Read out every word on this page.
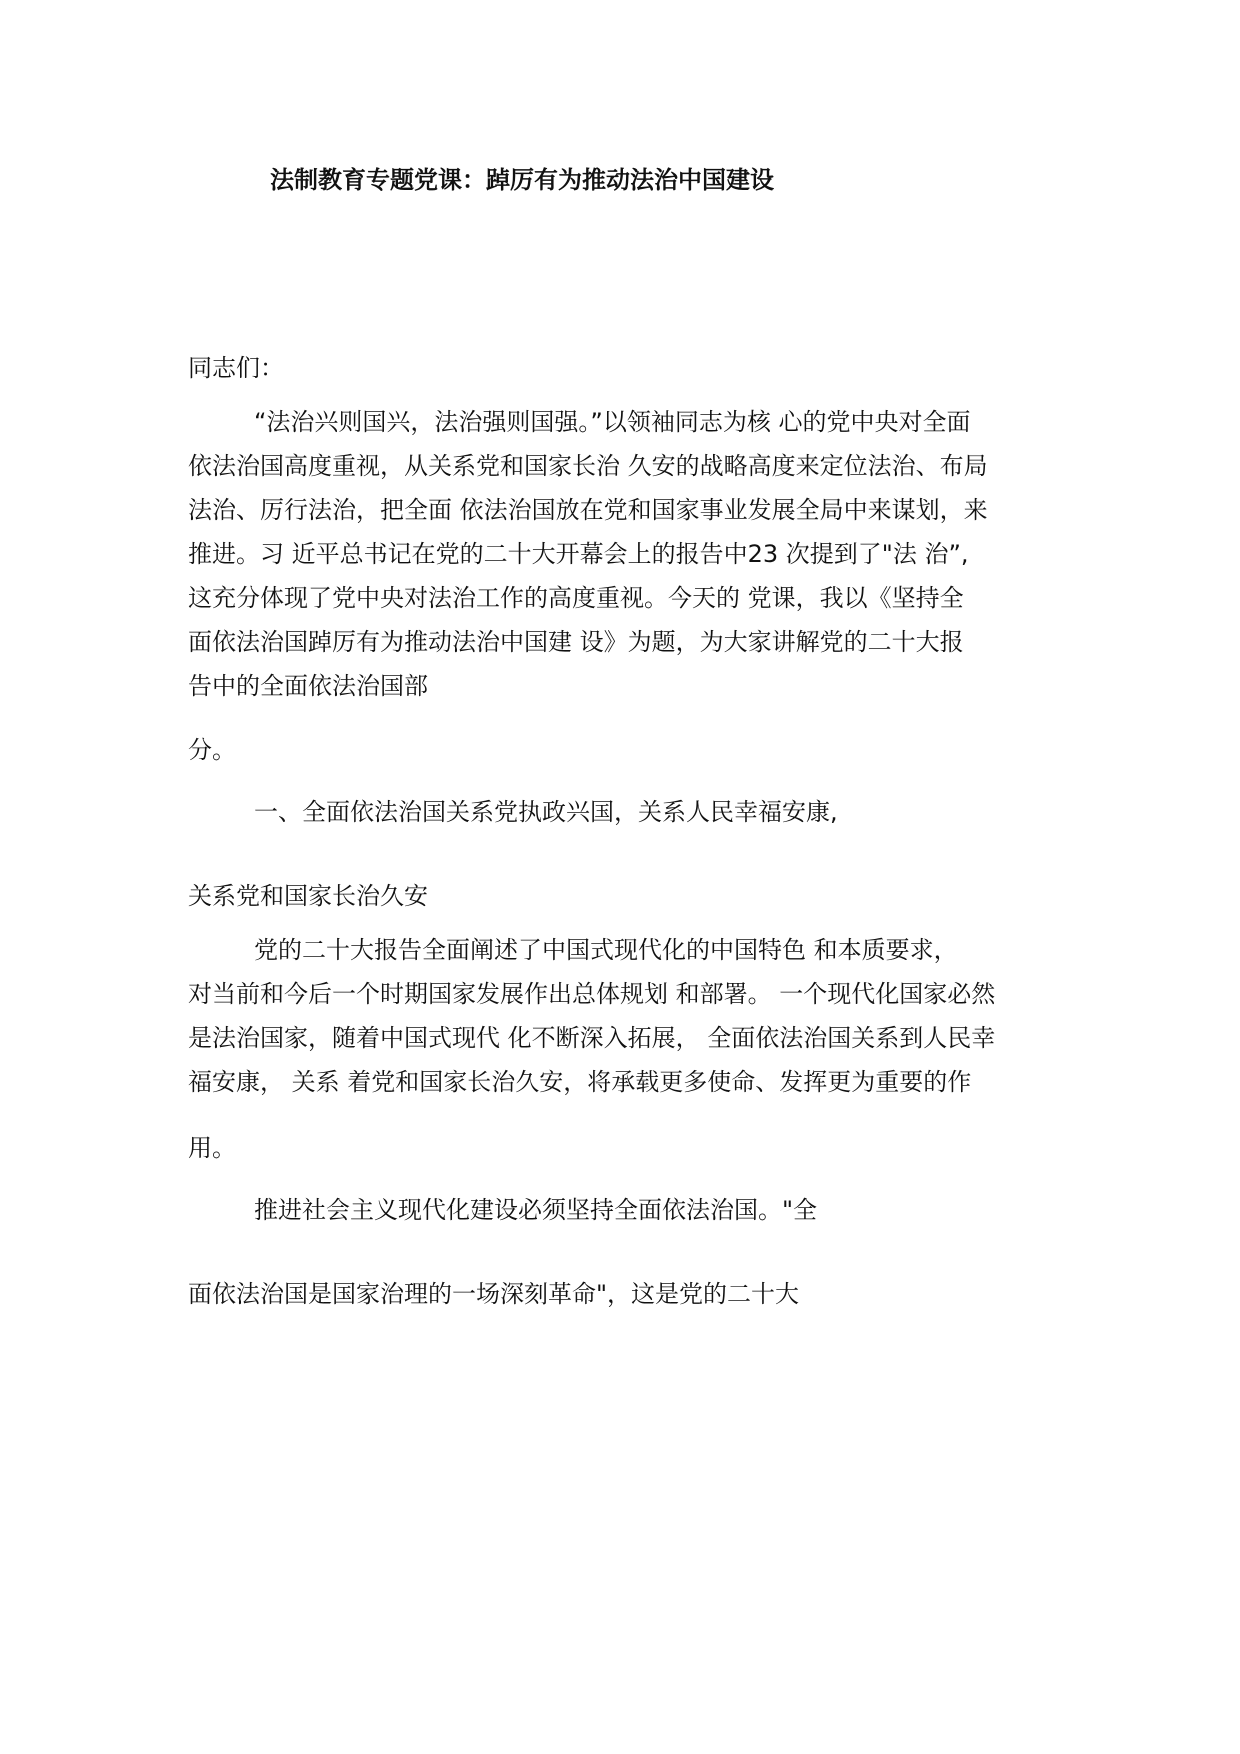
法制教育专题党课：踔厉有为推动法治中国建设
同志们：
“法治兴则国兴，法治强则国强。”以领袖同志为核 心的党中央对全面
依法治国高度重视，从关系党和国家长治 久安的战略高度来定位法治、布局
法治、厉行法治，把全面 依法治国放在党和国家事业发展全局中来谋划，来
推进。习 近平总书记在党的二十大开幕会上的报告中23 次提到了"法 治”,
这充分体现了党中央对法治工作的高度重视。今天的 党课，我以《坚持全
面依法治国踔厉有为推动法治中国建 设》为题，为大家讲解党的二十大报
告中的全面依法治国部
分。
一、全面依法治国关系党执政兴国，关系人民幸福安康,
关系党和国家长治久安
党的二十大报告全面阐述了中国式现代化的中国特色 和本质要求，
对当前和今后一个时期国家发展作出总体规划 和部署。 一个现代化国家必然
是法治国家，随着中国式现代 化不断深入拓展， 全面依法治国关系到人民幸
福安康， 关系 着党和国家长治久安，将承载更多使命、发挥更为重要的作
用。
推进社会主义现代化建设必须坚持全面依法治国。"全
面依法治国是国家治理的一场深刻革命"，这是党的二十大
